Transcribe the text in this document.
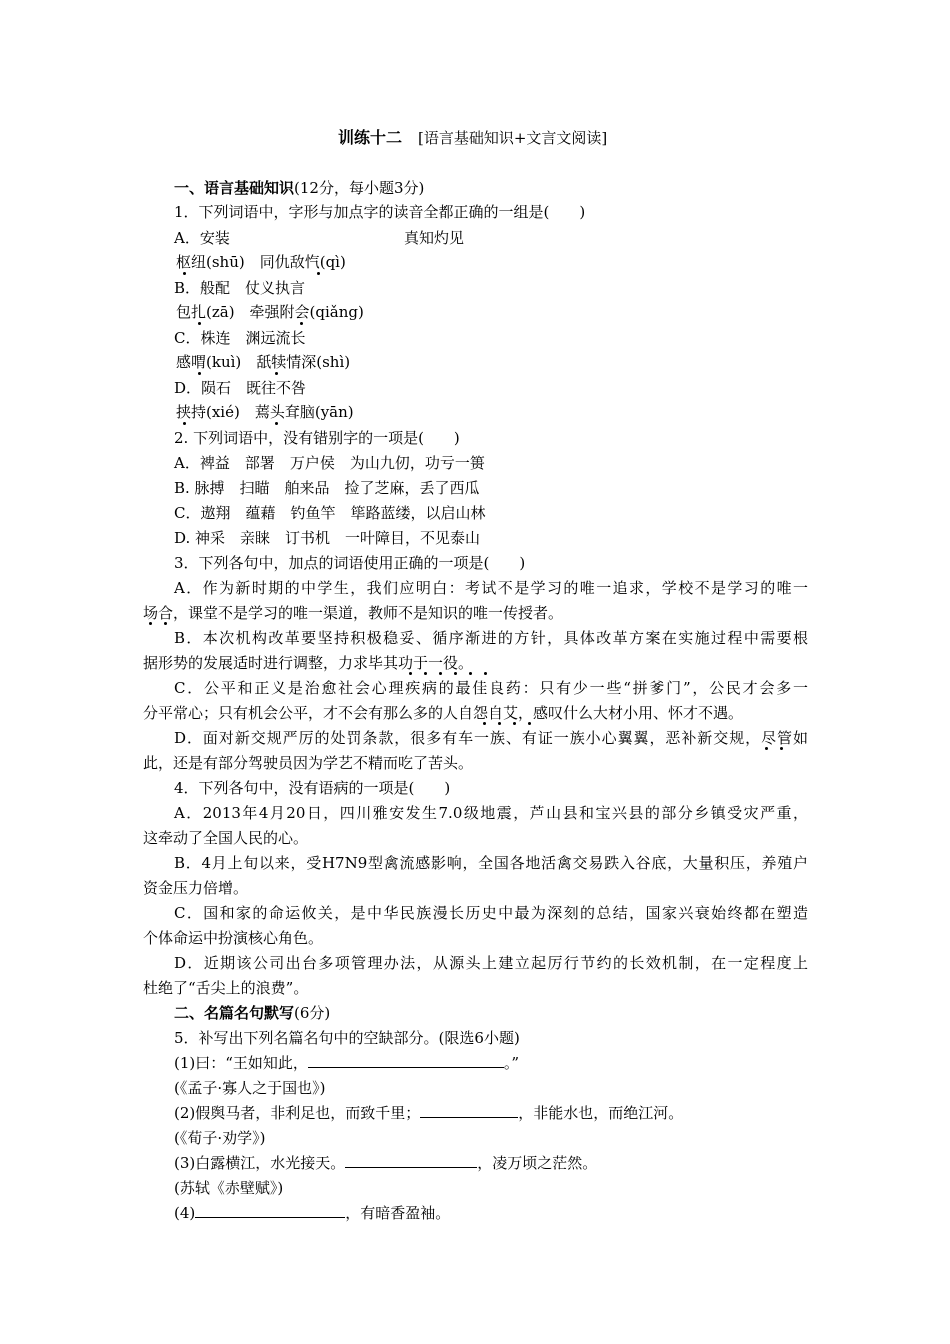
训练十二 [语言基础知识+文言文阅读]
一、语言基础知识(12分，每小题3分)
1．下列词语中，字形与加点字的读音全都正确的一组是(　　)
A．安装	真知灼见
枢纽(shū)　同仇敌忾(qì)
B．般配　仗义执言
包扎(zā)　牵强附会(qiǎng)
C．株连　渊远流长
感喟(kuì)　舐犊情深(shì)
D．陨石　既往不咎
挟持(xié)　蔫头耷脑(yān)
2. 下列词语中，没有错别字的一项是(　　)
A．裨益　部署　万户侯　为山九仞，功亏一篑
B. 脉搏　扫瞄　舶来品　捡了芝麻，丢了西瓜
C．遨翔　蕴藉　钓鱼竿　筚路蓝缕，以启山林
D. 神采　亲睐　订书机　一叶障目，不见泰山
3．下列各句中，加点的词语使用正确的一项是(　　)
A．作为新时期的中学生，我们应明白：考试不是学习的唯一追求，学校不是学习的唯一
场合，课堂不是学习的唯一渠道，教师不是知识的唯一传授者。
B．本次机构改革要坚持积极稳妥、循序渐进的方针，具体改革方案在实施过程中需要根
据形势的发展适时进行调整，力求毕其功于一役。
C．公平和正义是治愈社会心理疾病的最佳良药：只有少一些“拼爹门”，公民才会多一
分平常心；只有机会公平，才不会有那么多的人自怨自艾，感叹什么大材小用、怀才不遇。
D．面对新交规严厉的处罚条款，很多有车一族、有证一族小心翼翼，恶补新交规，尽管如
此，还是有部分驾驶员因为学艺不精而吃了苦头。
4．下列各句中，没有语病的一项是(　　)
A．2013年4月20日，四川雅安发生7.0级地震，芦山县和宝兴县的部分乡镇受灾严重，
这牵动了全国人民的心。
B．4月上旬以来，受H7N9型禽流感影响，全国各地活禽交易跌入谷底，大量积压，养殖户
资金压力倍增。
C．国和家的命运攸关，是中华民族漫长历史中最为深刻的总结，国家兴衰始终都在塑造
个体命运中扮演核心角色。
D．近期该公司出台多项管理办法，从源头上建立起厉行节约的长效机制，在一定程度上
杜绝了“舌尖上的浪费”。
二、名篇名句默写(6分)
5．补写出下列名篇名句中的空缺部分。(限选6小题)
(1)曰：“王如知此，	。”
(《孟子·寡人之于国也》)
(2)假舆马者，非利足也，而致千里；	，非能水也，而绝江河。
(《荀子·劝学》)
(3)白露横江，水光接天。	，凌万顷之茫然。
(苏轼《赤壁赋》)
(4)	，有暗香盈袖。
